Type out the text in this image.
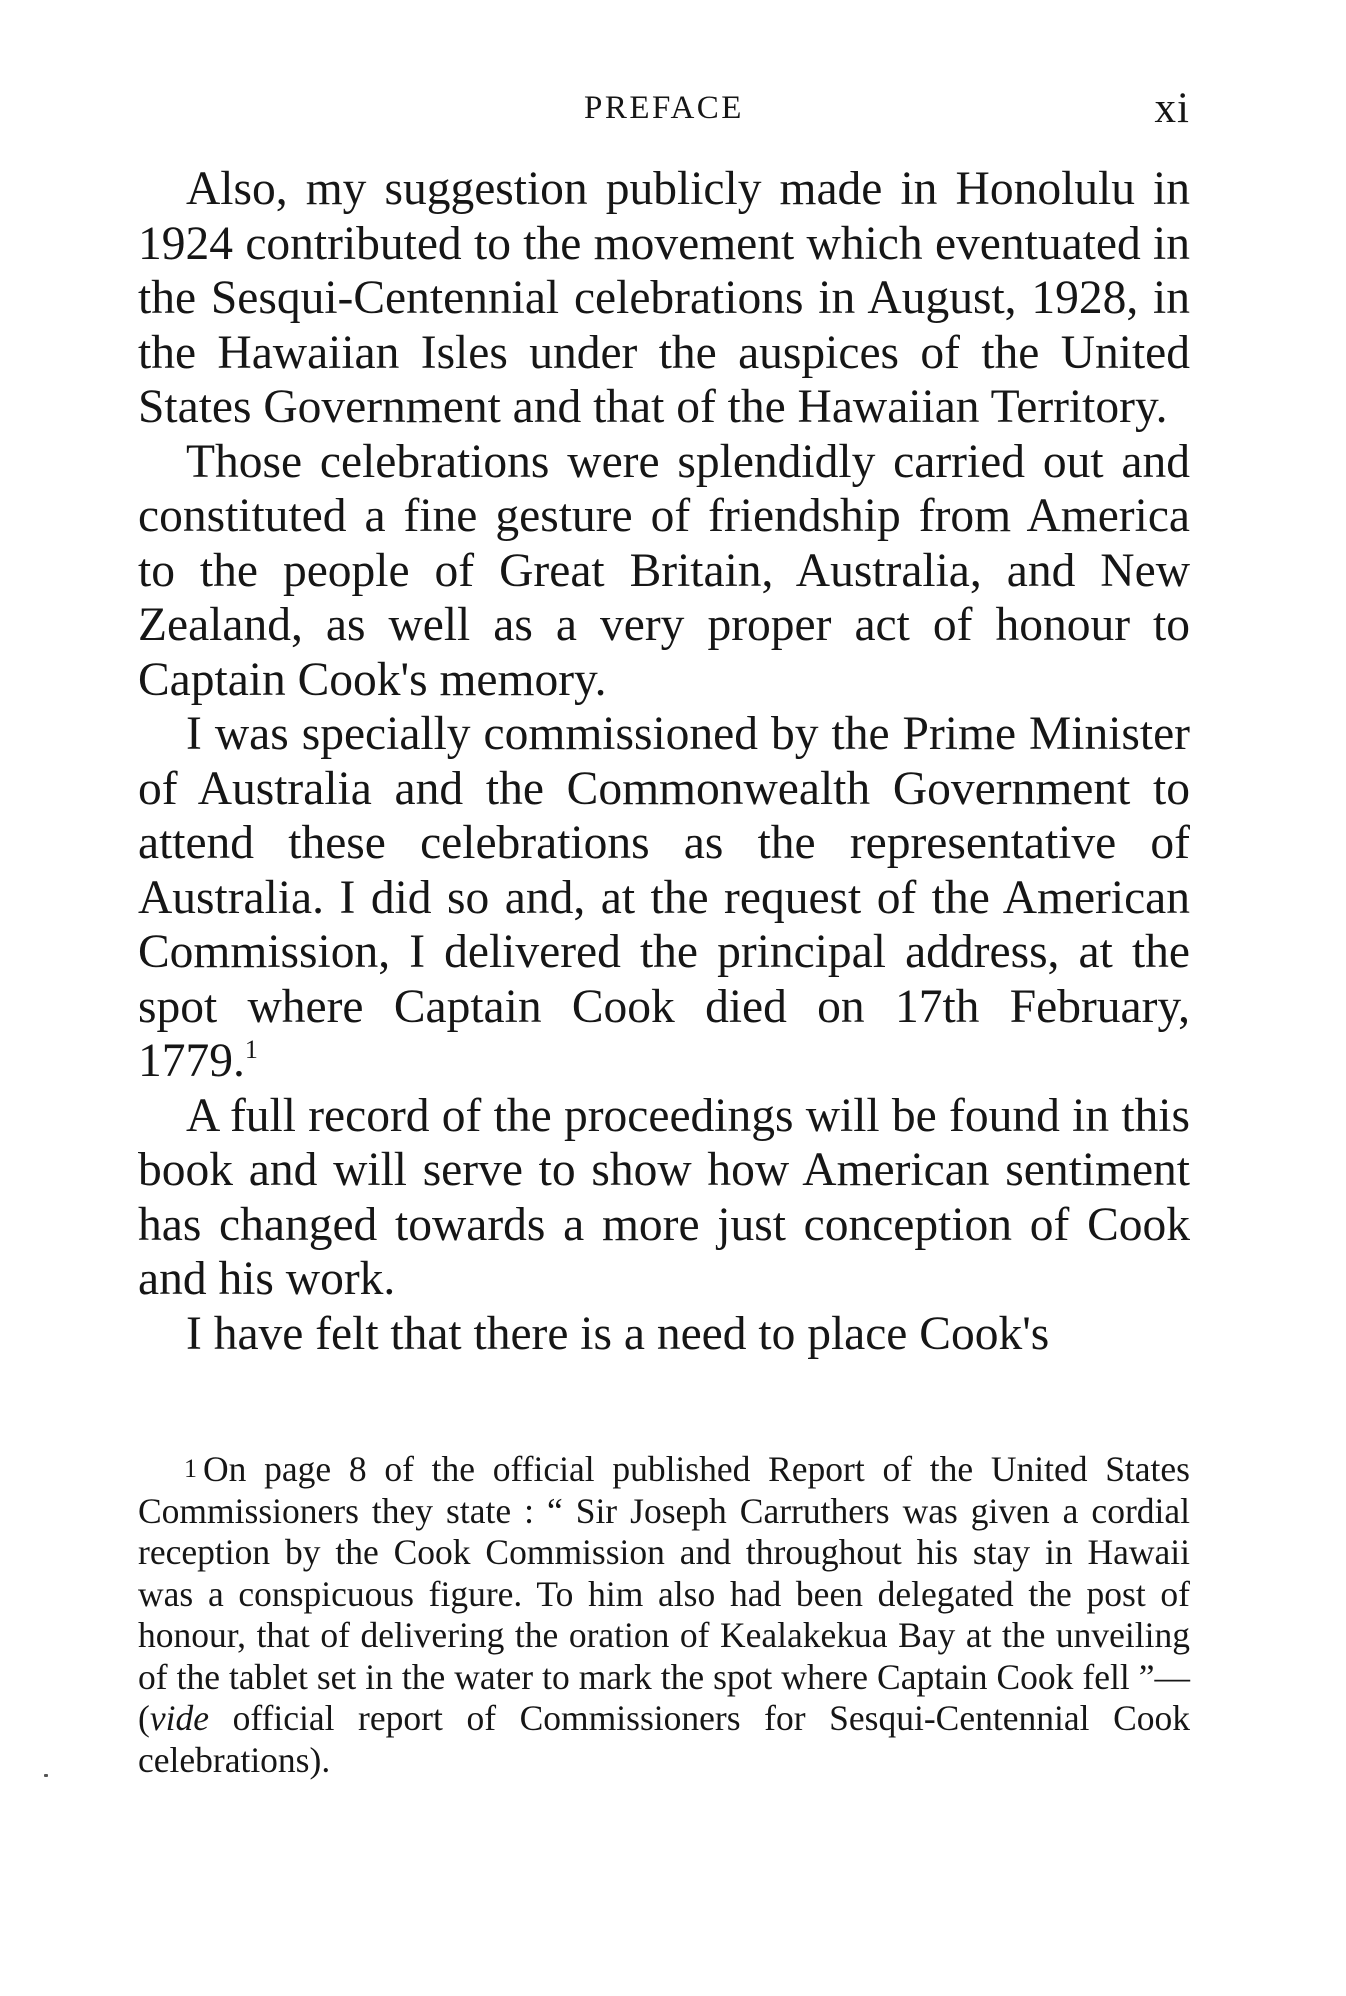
PREFACE	xi

Also, my suggestion publicly made in Honolulu in 1924 contributed to the movement which eventuated in the Sesqui-Centennial celebrations in August, 1928, in the Hawaiian Isles under the auspices of the United States Government and that of the Hawaiian Territory.

Those celebrations were splendidly carried out and constituted a fine gesture of friendship from America to the people of Great Britain, Australia, and New Zealand, as well as a very proper act of honour to Captain Cook's memory.

I was specially commissioned by the Prime Minister of Australia and the Commonwealth Government to attend these celebrations as the representative of Australia. I did so and, at the request of the American Commission, I delivered the principal address, at the spot where Captain Cook died on 17th February, 1779.$^1$

A full record of the proceedings will be found in this book and will serve to show how American sentiment has changed towards a more just conception of Cook and his work.

I have felt that there is a need to place Cook's

1 On page 8 of the official published Report of the United States Commissioners they state : “ Sir Joseph Carruthers was given a cordial reception by the Cook Commission and throughout his stay in Hawaii was a conspicuous figure. To him also had been delegated the post of honour, that of delivering the oration of Kealakekua Bay at the unveiling of the tablet set in the water to mark the spot where Captain Cook fell ”—(vide official report of Commissioners for Sesqui-Centennial Cook celebrations).
